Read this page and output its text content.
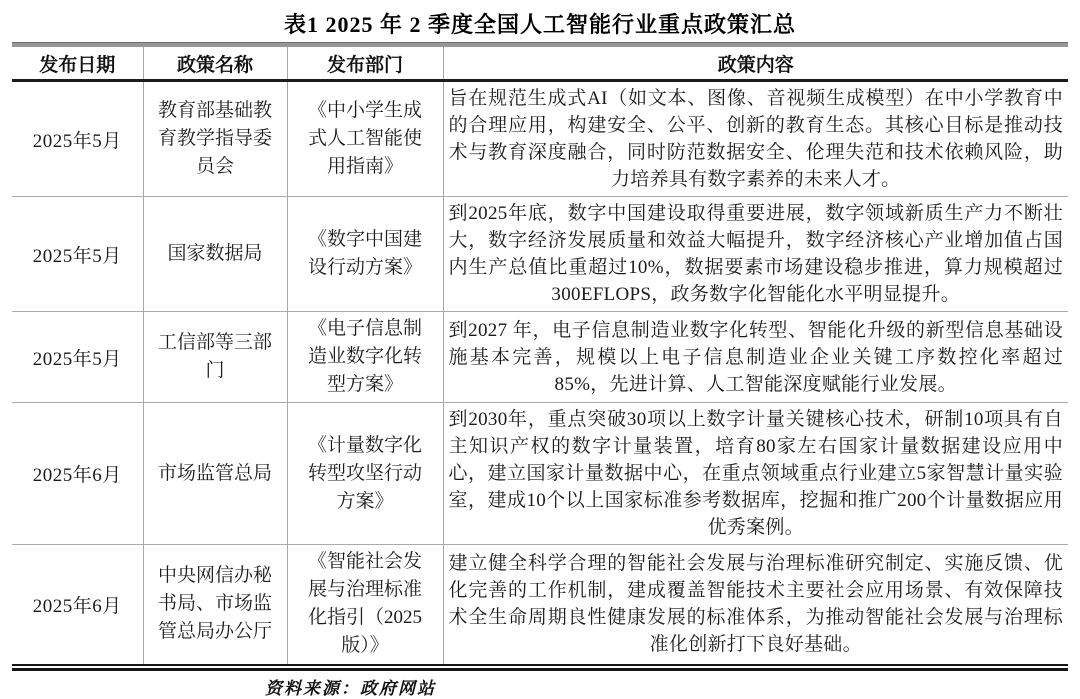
表1 2025 年 2 季度全国人工智能行业重点政策汇总
发布日期	政策名称	发布部门	政策内容
2025年5月	教育部基础教育教学指导委员会	《中小学生成式人工智能使用指南》	旨在规范生成式AI（如文本、图像、音视频生成模型）在中小学教育中的合理应用，构建安全、公平、创新的教育生态。其核心目标是推动技术与教育深度融合，同时防范数据安全、伦理失范和技术依赖风险，助力培养具有数字素养的未来人才。
2025年5月	国家数据局	《数字中国建设行动方案》	到2025年底，数字中国建设取得重要进展，数字领域新质生产力不断壮大，数字经济发展质量和效益大幅提升，数字经济核心产业增加值占国内生产总值比重超过10%，数据要素市场建设稳步推进，算力规模超过300EFLOPS，政务数字化智能化水平明显提升。
2025年5月	工信部等三部门	《电子信息制造业数字化转型方案》	到2027 年，电子信息制造业数字化转型、智能化升级的新型信息基础设施基本完善，规模以上电子信息制造业企业关键工序数控化率超过85%，先进计算、人工智能深度赋能行业发展。
2025年6月	市场监管总局	《计量数字化转型攻坚行动方案》	到2030年，重点突破30项以上数字计量关键核心技术，研制10项具有自主知识产权的数字计量装置，培育80家左右国家计量数据建设应用中心，建立国家计量数据中心，在重点领域重点行业建立5家智慧计量实验室，建成10个以上国家标准参考数据库，挖掘和推广200个计量数据应用优秀案例。
2025年6月	中央网信办秘书局、市场监管总局办公厅	《智能社会发展与治理标准化指引（2025 版）》	建立健全科学合理的智能社会发展与治理标准研究制定、实施反馈、优化完善的工作机制，建成覆盖智能技术主要社会应用场景、有效保障技术全生命周期良性健康发展的标准体系，为推动智能社会发展与治理标准化创新打下良好基础。
资料来源：政府网站
